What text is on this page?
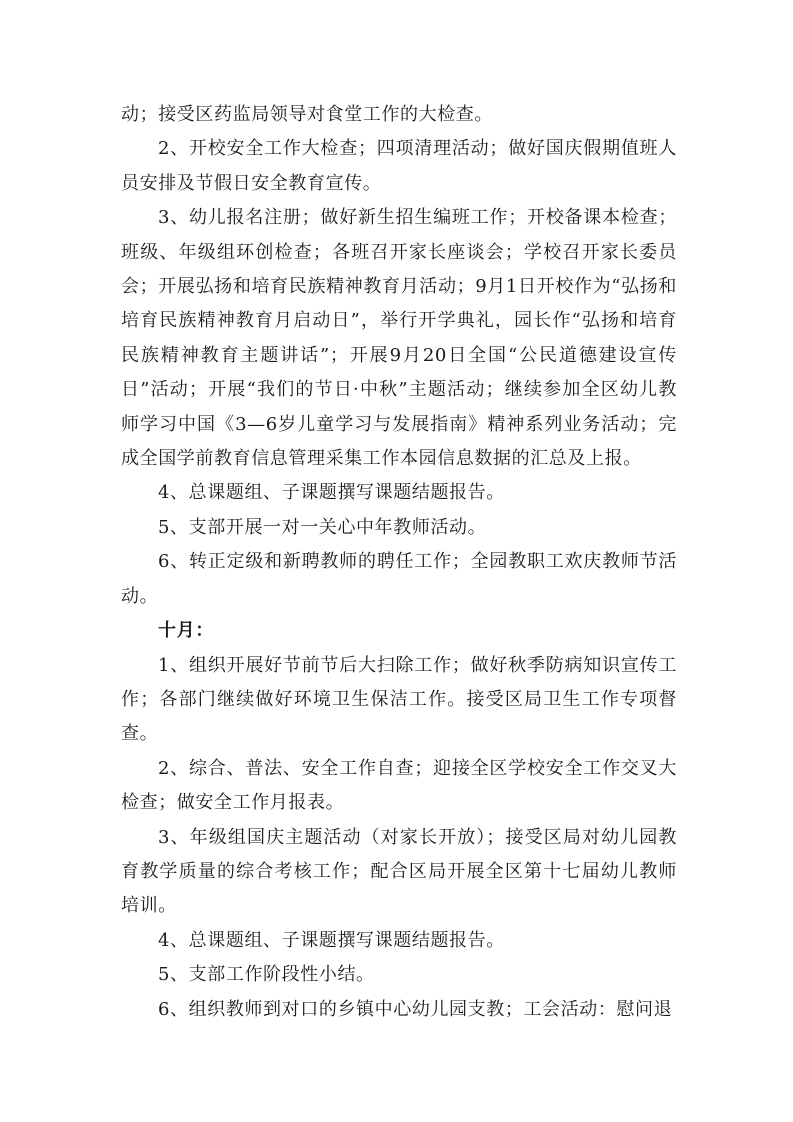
动；接受区药监局领导对食堂工作的大检查。

2、开校安全工作大检查；四项清理活动；做好国庆假期值班人员安排及节假日安全教育宣传。

3、幼儿报名注册；做好新生招生编班工作；开校备课本检查；班级、年级组环创检查；各班召开家长座谈会；学校召开家长委员会；开展弘扬和培育民族精神教育月活动；9月1日开校作为“弘扬和培育民族精神教育月启动日”，举行开学典礼，园长作“弘扬和培育民族精神教育主题讲话”；开展9月20日全国“公民道德建设宣传日”活动；开展“我们的节日·中秋”主题活动；继续参加全区幼儿教师学习中国《3—6岁儿童学习与发展指南》精神系列业务活动；完成全国学前教育信息管理采集工作本园信息数据的汇总及上报。

4、总课题组、子课题撰写课题结题报告。

5、支部开展一对一关心中年教师活动。

6、转正定级和新聘教师的聘任工作；全园教职工欢庆教师节活动。

十月：

1、组织开展好节前节后大扫除工作；做好秋季防病知识宣传工作；各部门继续做好环境卫生保洁工作。接受区局卫生工作专项督查。

2、综合、普法、安全工作自查；迎接全区学校安全工作交叉大检查；做安全工作月报表。

3、年级组国庆主题活动（对家长开放）；接受区局对幼儿园教育教学质量的综合考核工作；配合区局开展全区第十七届幼儿教师培训。

4、总课题组、子课题撰写课题结题报告。

5、支部工作阶段性小结。

6、组织教师到对口的乡镇中心幼儿园支教；工会活动：慰问退
